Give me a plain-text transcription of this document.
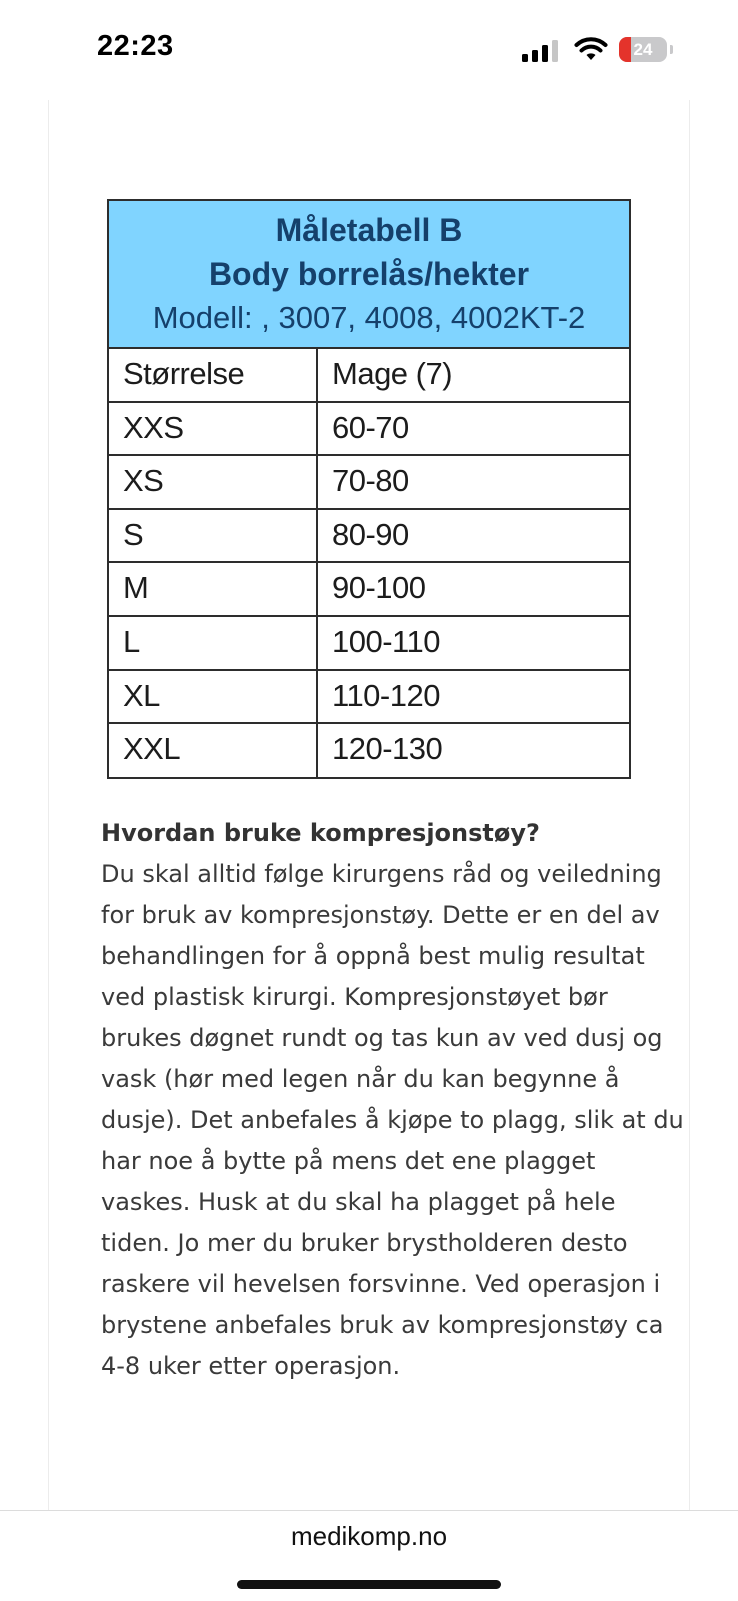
22:23	24

Måletabell B
Body borrelås/hekter
Modell: , 3007, 4008, 4002KT-2
Størrelse	Mage (7)
XXS	60-70
XS	70-80
S	80-90
M	90-100
L	100-110
XL	110-120
XXL	120-130
Hvordan bruke kompresjonstøy?
Du skal alltid følge kirurgens råd og veiledning for bruk av kompresjonstøy. Dette er en del av behandlingen for å oppnå best mulig resultat ved plastisk kirurgi. Kompresjonstøyet bør brukes døgnet rundt og tas kun av ved dusj og vask (hør med legen når du kan begynne å dusje). Det anbefales å kjøpe to plagg, slik at du har noe å bytte på mens det ene plagget vaskes. Husk at du skal ha plagget på hele tiden. Jo mer du bruker brystholderen desto raskere vil hevelsen forsvinne. Ved operasjon i brystene anbefales bruk av kompresjonstøy ca 4-8 uker etter operasjon.
medikomp.no
